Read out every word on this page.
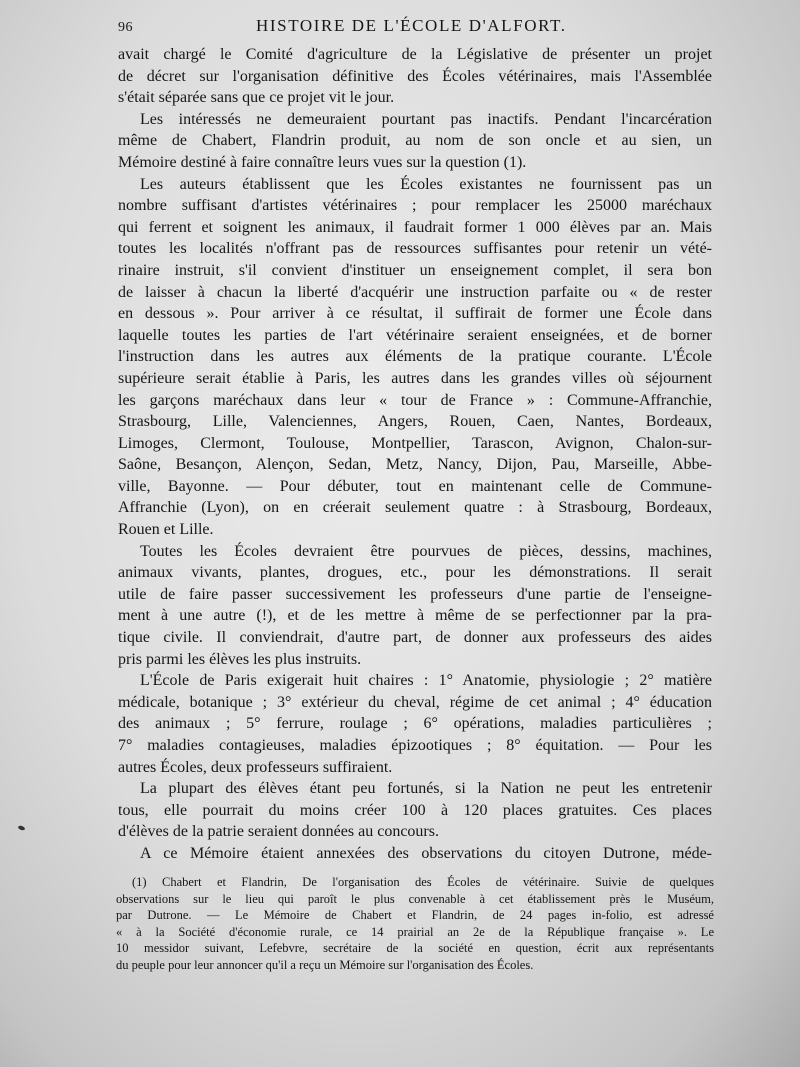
96	HISTOIRE DE L'ÉCOLE D'ALFORT.
avait chargé le Comité d'agriculture de la Législative de présenter un projet
de décret sur l'organisation définitive des Écoles vétérinaires, mais l'Assemblée
s'était séparée sans que ce projet vit le jour.
Les intéressés ne demeuraient pourtant pas inactifs. Pendant l'incarcération
même de Chabert, Flandrin produit, au nom de son oncle et au sien, un
Mémoire destiné à faire connaître leurs vues sur la question (1).
Les auteurs établissent que les Écoles existantes ne fournissent pas un
nombre suffisant d'artistes vétérinaires ; pour remplacer les 25000 maréchaux
qui ferrent et soignent les animaux, il faudrait former 1 000 élèves par an. Mais
toutes les localités n'offrant pas de ressources suffisantes pour retenir un vété-
rinaire instruit, s'il convient d'instituer un enseignement complet, il sera bon
de laisser à chacun la liberté d'acquérir une instruction parfaite ou « de rester
en dessous ». Pour arriver à ce résultat, il suffirait de former une École dans
laquelle toutes les parties de l'art vétérinaire seraient enseignées, et de borner
l'instruction dans les autres aux éléments de la pratique courante. L'École
supérieure serait établie à Paris, les autres dans les grandes villes où séjournent
les garçons maréchaux dans leur « tour de France » : Commune-Affranchie,
Strasbourg, Lille, Valenciennes, Angers, Rouen, Caen, Nantes, Bordeaux,
Limoges, Clermont, Toulouse, Montpellier, Tarascon, Avignon, Chalon-sur-
Saône, Besançon, Alençon, Sedan, Metz, Nancy, Dijon, Pau, Marseille, Abbe-
ville, Bayonne. — Pour débuter, tout en maintenant celle de Commune-
Affranchie (Lyon), on en créerait seulement quatre : à Strasbourg, Bordeaux,
Rouen et Lille.
Toutes les Écoles devraient être pourvues de pièces, dessins, machines,
animaux vivants, plantes, drogues, etc., pour les démonstrations. Il serait
utile de faire passer successivement les professeurs d'une partie de l'enseigne-
ment à une autre (!), et de les mettre à même de se perfectionner par la pra-
tique civile. Il conviendrait, d'autre part, de donner aux professeurs des aides
pris parmi les élèves les plus instruits.
L'École de Paris exigerait huit chaires : 1° Anatomie, physiologie ; 2° matière
médicale, botanique ; 3° extérieur du cheval, régime de cet animal ; 4° éducation
des animaux ; 5° ferrure, roulage ; 6° opérations, maladies particulières ;
7° maladies contagieuses, maladies épizootiques ; 8° équitation. — Pour les
autres Écoles, deux professeurs suffiraient.
La plupart des élèves étant peu fortunés, si la Nation ne peut les entretenir
tous, elle pourrait du moins créer 100 à 120 places gratuites. Ces places
d'élèves de la patrie seraient données au concours.
A ce Mémoire étaient annexées des observations du citoyen Dutrone, méde-
(1) Chabert et Flandrin, De l'organisation des Écoles de vétérinaire. Suivie de quelques
observations sur le lieu qui paroît le plus convenable à cet établissement près le Muséum,
par Dutrone. — Le Mémoire de Chabert et Flandrin, de 24 pages in-folio, est adressé
« à la Société d'économie rurale, ce 14 prairial an 2e de la République française ». Le
10 messidor suivant, Lefebvre, secrétaire de la société en question, écrit aux représentants
du peuple pour leur annoncer qu'il a reçu un Mémoire sur l'organisation des Écoles.
